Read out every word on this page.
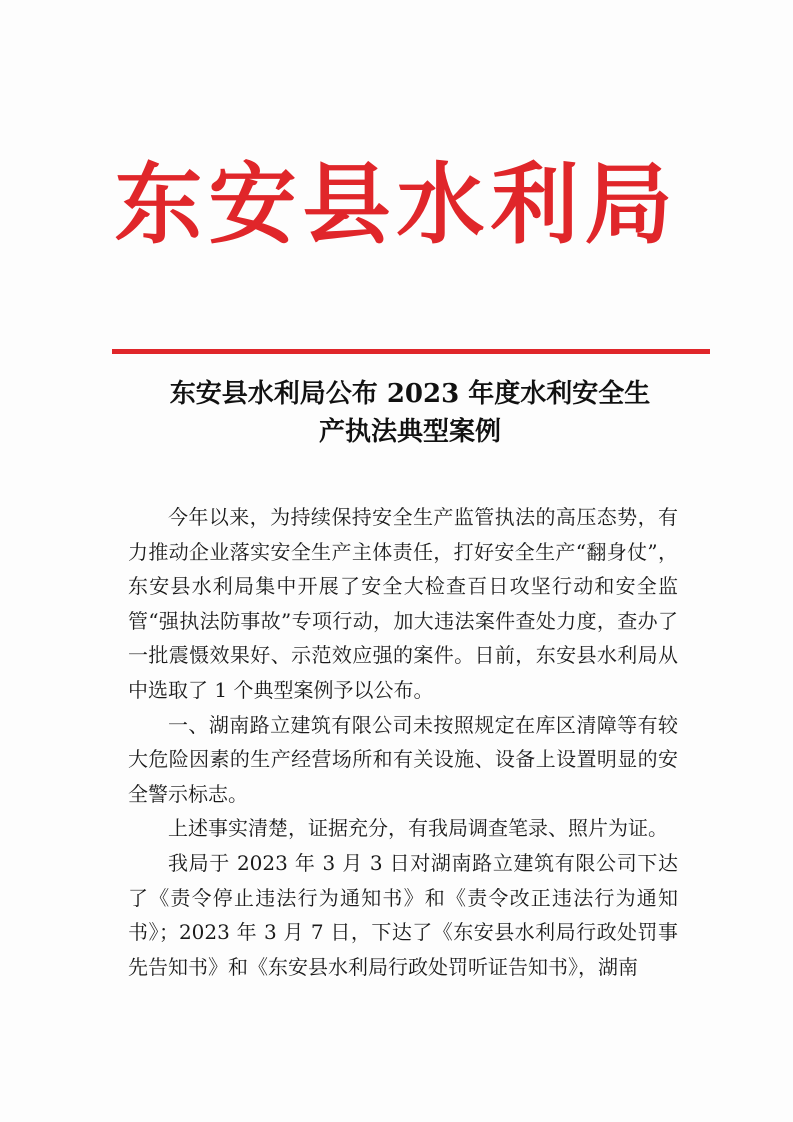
东安县水利局
东安县水利局公布 2023 年度水利安全生
产执法典型案例

今年以来，为持续保持安全生产监管执法的高压态势，有力推动企业落实安全生产主体责任，打好安全生产“翻身仗”，东安县水利局集中开展了安全大检查百日攻坚行动和安全监管“强执法防事故”专项行动，加大违法案件查处力度，查办了一批震慑效果好、示范效应强的案件。日前，东安县水利局从中选取了 1 个典型案例予以公布。

一、湖南路立建筑有限公司未按照规定在库区清障等有较大危险因素的生产经营场所和有关设施、设备上设置明显的安全警示标志。

上述事实清楚，证据充分，有我局调查笔录、照片为证。

我局于 2023 年 3 月 3 日对湖南路立建筑有限公司下达了《责令停止违法行为通知书》和《责令改正违法行为通知书》；2023 年 3 月 7 日，下达了《东安县水利局行政处罚事先告知书》和《东安县水利局行政处罚听证告知书》，湖南
